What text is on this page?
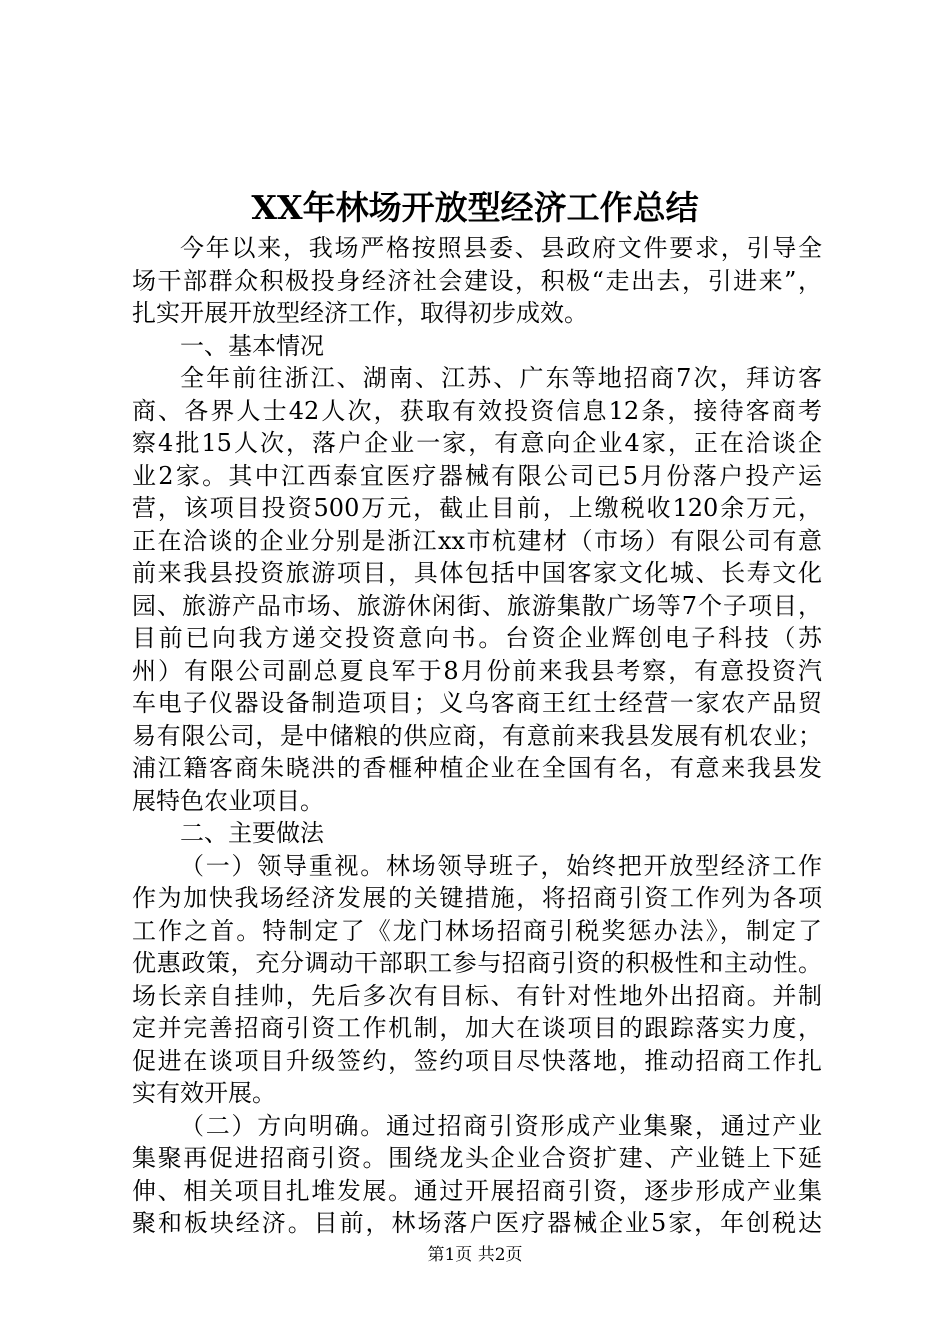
XX年林场开放型经济工作总结
今年以来，我场严格按照县委、县政府文件要求，引导全
场干部群众积极投身经济社会建设，积极“走出去，引进来”，
扎实开展开放型经济工作，取得初步成效。
一、基本情况
全年前往浙江、湖南、江苏、广东等地招商7次，拜访客
商、各界人士42人次，获取有效投资信息12条，接待客商考
察4批15人次，落户企业一家，有意向企业4家，正在洽谈企
业2家。其中江西泰宜医疗器械有限公司已5月份落户投产运
营，该项目投资500万元，截止目前，上缴税收120余万元，
正在洽谈的企业分别是浙江xx市杭建材（市场）有限公司有意
前来我县投资旅游项目，具体包括中国客家文化城、长寿文化
园、旅游产品市场、旅游休闲街、旅游集散广场等7个子项目，
目前已向我方递交投资意向书。台资企业辉创电子科技（苏
州）有限公司副总夏良军于8月份前来我县考察，有意投资汽
车电子仪器设备制造项目；义乌客商王红士经营一家农产品贸
易有限公司，是中储粮的供应商，有意前来我县发展有机农业；
浦江籍客商朱晓洪的香榧种植企业在全国有名，有意来我县发
展特色农业项目。
二、主要做法
（一）领导重视。林场领导班子，始终把开放型经济工作
作为加快我场经济发展的关键措施，将招商引资工作列为各项
工作之首。特制定了《龙门林场招商引税奖惩办法》，制定了
优惠政策，充分调动干部职工参与招商引资的积极性和主动性。
场长亲自挂帅，先后多次有目标、有针对性地外出招商。并制
定并完善招商引资工作机制，加大在谈项目的跟踪落实力度，
促进在谈项目升级签约，签约项目尽快落地，推动招商工作扎
实有效开展。
（二）方向明确。通过招商引资形成产业集聚，通过产业
集聚再促进招商引资。围绕龙头企业合资扩建、产业链上下延
伸、相关项目扎堆发展。通过开展招商引资，逐步形成产业集
聚和板块经济。目前，林场落户医疗器械企业5家，年创税达
第1页 共2页
